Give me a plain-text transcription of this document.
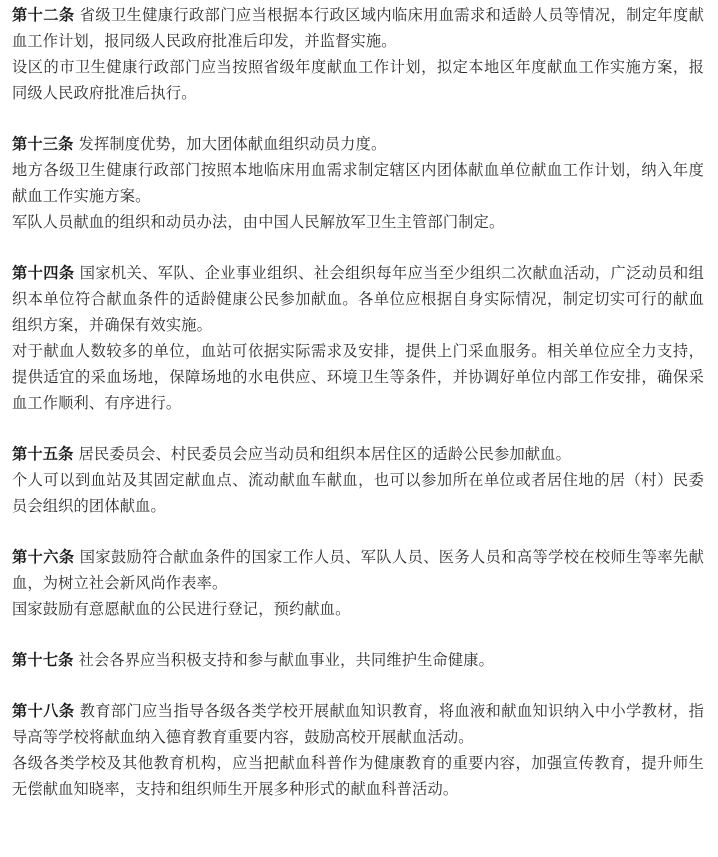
第十二条 省级卫生健康行政部门应当根据本行政区域内临床用血需求和适龄人员等情况，制定年度献血工作计划，报同级人民政府批准后印发，并监督实施。

设区的市卫生健康行政部门应当按照省级年度献血工作计划，拟定本地区年度献血工作实施方案，报同级人民政府批准后执行。

第十三条 发挥制度优势，加大团体献血组织动员力度。

地方各级卫生健康行政部门按照本地临床用血需求制定辖区内团体献血单位献血工作计划，纳入年度献血工作实施方案。

军队人员献血的组织和动员办法，由中国人民解放军卫生主管部门制定。

第十四条 国家机关、军队、企业事业组织、社会组织每年应当至少组织二次献血活动，广泛动员和组织本单位符合献血条件的适龄健康公民参加献血。各单位应根据自身实际情况，制定切实可行的献血组织方案，并确保有效实施。

对于献血人数较多的单位，血站可依据实际需求及安排，提供上门采血服务。相关单位应全力支持，提供适宜的采血场地，保障场地的水电供应、环境卫生等条件，并协调好单位内部工作安排，确保采血工作顺利、有序进行。

第十五条 居民委员会、村民委员会应当动员和组织本居住区的适龄公民参加献血。

个人可以到血站及其固定献血点、流动献血车献血，也可以参加所在单位或者居住地的居（村）民委员会组织的团体献血。

第十六条 国家鼓励符合献血条件的国家工作人员、军队人员、医务人员和高等学校在校师生等率先献血，为树立社会新风尚作表率。

国家鼓励有意愿献血的公民进行登记，预约献血。

第十七条 社会各界应当积极支持和参与献血事业，共同维护生命健康。

第十八条 教育部门应当指导各级各类学校开展献血知识教育，将血液和献血知识纳入中小学教材，指导高等学校将献血纳入德育教育重要内容，鼓励高校开展献血活动。

各级各类学校及其他教育机构，应当把献血科普作为健康教育的重要内容，加强宣传教育，提升师生无偿献血知晓率，支持和组织师生开展多种形式的献血科普活动。
